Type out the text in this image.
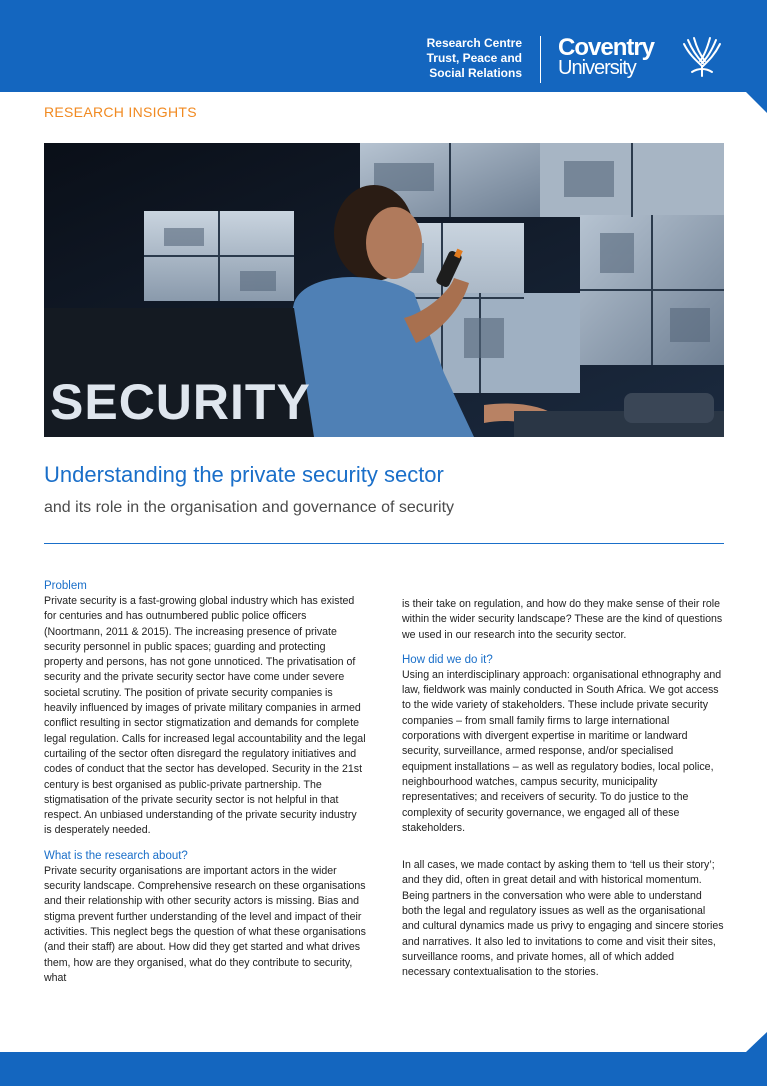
Research Centre
Trust, Peace and
Social Relations
Coventry
University
RESEARCH INSIGHTS
SECURITY
Understanding the private security sector
and its role in the organisation and governance of security
Problem

Private security is a fast-growing global industry which has existed for centuries and has outnumbered public police officers (Noortmann, 2011 & 2015). The increasing presence of private security personnel in public spaces; guarding and protecting property and persons, has not gone unnoticed. The privatisation of security and the private security sector have come under severe societal scrutiny. The position of private security companies is heavily influenced by images of private military companies in armed conflict resulting in sector stigmatization and demands for complete legal regulation. Calls for increased legal accountability and the legal curtailing of the sector often disregard the regulatory initiatives and codes of conduct that the sector has developed. Security in the 21st century is best organised as public-private partnership. The stigmatisation of the private security sector is not helpful in that respect. An unbiased understanding of the private security industry is desperately needed.

What is the research about?

Private security organisations are important actors in the wider security landscape. Comprehensive research on these organisations and their relationship with other security actors is missing. Bias and stigma prevent further understanding of the level and impact of their activities. This neglect begs the question of what these organisations (and their staff) are about. How did they get started and what drives them, how are they organised, what do they contribute to security, what

is their take on regulation, and how do they make sense of their role within the wider security landscape? These are the kind of questions we used in our research into the security sector.

How did we do it?

Using an interdisciplinary approach: organisational ethnography and law, fieldwork was mainly conducted in South Africa. We got access to the wide variety of stakeholders. These include private security companies – from small family firms to large international corporations with divergent expertise in maritime or landward security, surveillance, armed response, and/or specialised equipment installations – as well as regulatory bodies, local police, neighbourhood watches, campus security, municipality representatives; and receivers of security. To do justice to the complexity of security governance, we engaged all of these stakeholders.

In all cases, we made contact by asking them to ‘tell us their story’; and they did, often in great detail and with historical momentum. Being partners in the conversation who were able to understand both the legal and regulatory issues as well as the organisational and cultural dynamics made us privy to engaging and sincere stories and narratives. It also led to invitations to come and visit their sites, surveillance rooms, and private homes, all of which added necessary contextualisation to the stories.
